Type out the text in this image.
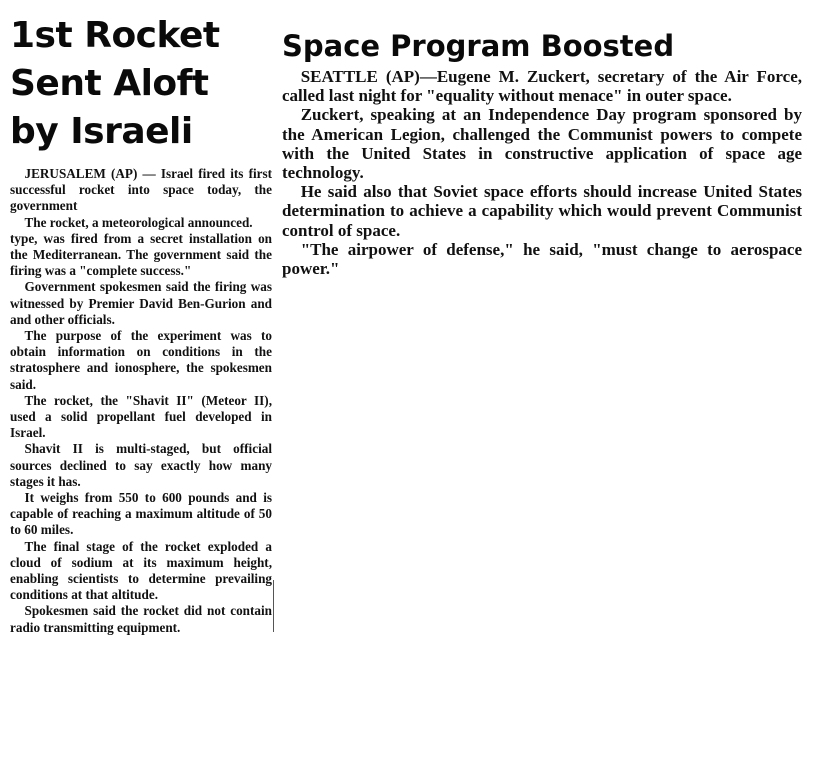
1st Rocket
Sent Aloft
by Israeli

JERUSALEM (AP) — Israel fired its first successful rocket into space today, the government

The rocket, a meteorological announced.

type, was fired from a secret installation on the Mediterranean. The government said the firing was a "complete success."

Government spokesmen said the firing was witnessed by Premier David Ben-Gurion and and other officials.

The purpose of the experiment was to obtain information on conditions in the stratosphere and ionosphere, the spokesmen said.

The rocket, the "Shavit II" (Meteor II), used a solid propellant fuel developed in Israel.

Shavit II is multi-staged, but official sources declined to say exactly how many stages it has.

It weighs from 550 to 600 pounds and is capable of reaching a maximum altitude of 50 to 60 miles.

The final stage of the rocket exploded a cloud of sodium at its maximum height, enabling scientists to determine prevailing conditions at that altitude.

Spokesmen said the rocket did not contain radio transmitting equipment.

Space Program Boosted

SEATTLE (AP)—Eugene M. Zuckert, secretary of the Air Force, called last night for "equality without menace" in outer space.

Zuckert, speaking at an Independence Day program sponsored by the American Legion, challenged the Communist powers to compete with the United States in constructive application of space age technology.

He said also that Soviet space efforts should increase United States determination to achieve a capability which would prevent Communist control of space.

"The airpower of defense," he said, "must change to aerospace power."
